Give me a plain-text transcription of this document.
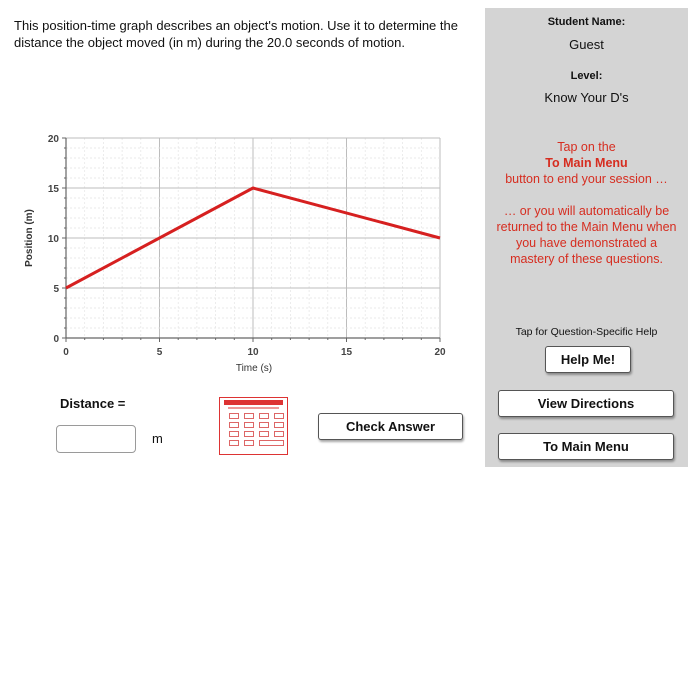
This position-time graph describes an object's motion. Use it to determine the distance the object moved (in m) during the 20.0 seconds of motion.
0	5	10	15	20
0
5
10
15
20
Time (s)
Position (m)
Distance =
m
Check Answer
Student Name:
Guest
Level:
Know Your D's
Tap on the
To Main Menu
button to end your session …
… or you will automatically be
returned to the Main Menu when
you have demonstrated a
mastery of these questions.
Tap for Question-Specific Help
Help Me!
View Directions
To Main Menu
